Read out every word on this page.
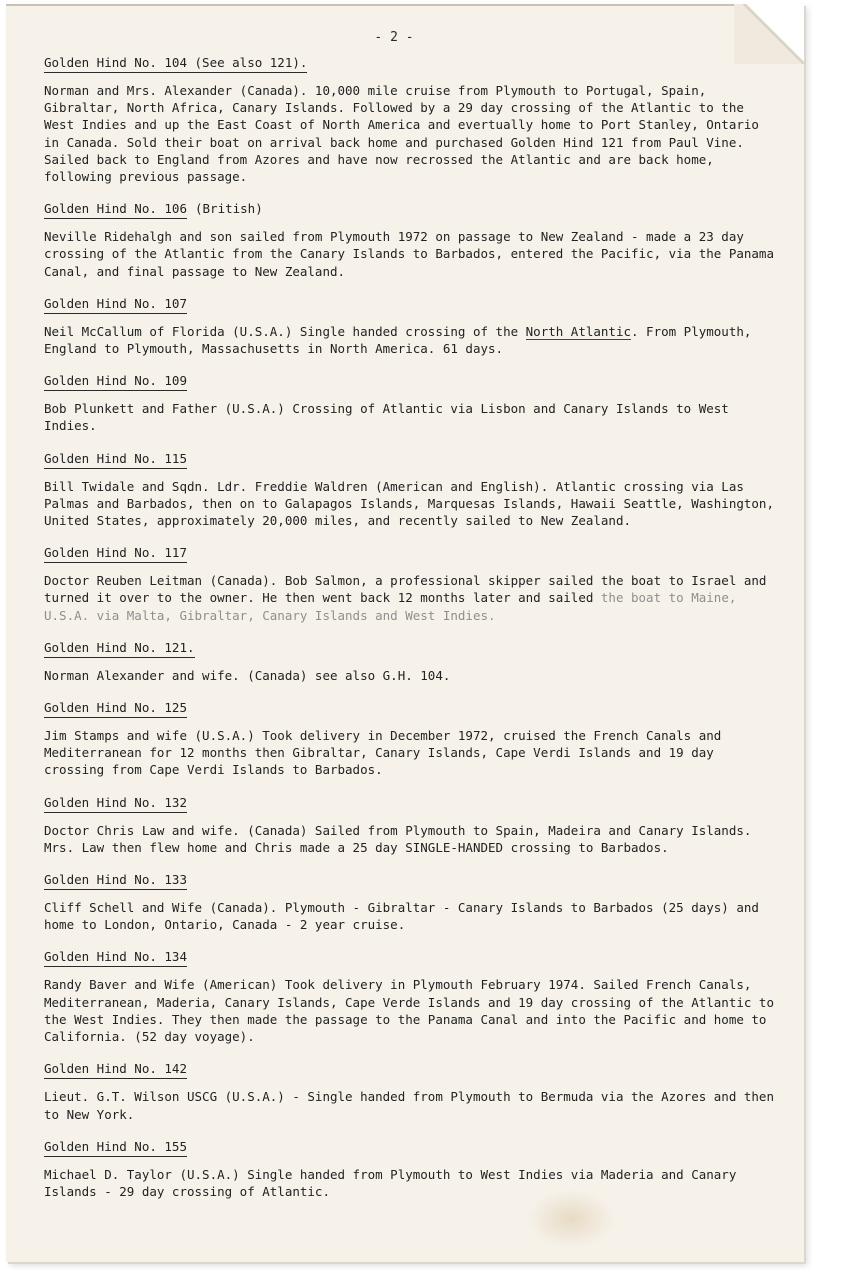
- 2 -
Golden Hind No. 104 (See also 121).

Norman and Mrs. Alexander (Canada). 10,000 mile cruise from Plymouth to Portugal, Spain, Gibraltar, North Africa, Canary Islands. Followed by a 29 day crossing of the Atlantic to the West Indies and up the East Coast of North America and evertually home to Port Stanley, Ontario in Canada. Sold their boat on arrival back home and purchased Golden Hind 121 from Paul Vine. Sailed back to England from Azores and have now recrossed the Atlantic and are back home, following previous passage.

Golden Hind No. 106 (British)

Neville Ridehalgh and son sailed from Plymouth 1972 on passage to New Zealand - made a 23 day crossing of the Atlantic from the Canary Islands to Barbados, entered the Pacific, via the Panama Canal, and final passage to New Zealand.

Golden Hind No. 107

Neil McCallum of Florida (U.S.A.) Single handed crossing of the North Atlantic. From Plymouth, England to Plymouth, Massachusetts in North America. 61 days.

Golden Hind No. 109

Bob Plunkett and Father (U.S.A.) Crossing of Atlantic via Lisbon and Canary Islands to West Indies.

Golden Hind No. 115

Bill Twidale and Sqdn. Ldr. Freddie Waldren (American and English). Atlantic crossing via Las Palmas and Barbados, then on to Galapagos Islands, Marquesas Islands, Hawaii Seattle, Washington, United States, approximately 20,000 miles, and recently sailed to New Zealand.

Golden Hind No. 117

Doctor Reuben Leitman (Canada). Bob Salmon, a professional skipper sailed the boat to Israel and turned it over to the owner. He then went back 12 months later and sailed the boat to Maine, U.S.A. via Malta, Gibraltar, Canary Islands and West Indies.

Golden Hind No. 121.

Norman Alexander and wife. (Canada) see also G.H. 104.

Golden Hind No. 125

Jim Stamps and wife (U.S.A.) Took delivery in December 1972, cruised the French Canals and Mediterranean for 12 months then Gibraltar, Canary Islands, Cape Verdi Islands and 19 day crossing from Cape Verdi Islands to Barbados.

Golden Hind No. 132

Doctor Chris Law and wife. (Canada) Sailed from Plymouth to Spain, Madeira and Canary Islands. Mrs. Law then flew home and Chris made a 25 day SINGLE-HANDED crossing to Barbados.

Golden Hind No. 133

Cliff Schell and Wife (Canada). Plymouth - Gibraltar - Canary Islands to Barbados (25 days) and home to London, Ontario, Canada - 2 year cruise.

Golden Hind No. 134

Randy Baver and Wife (American) Took delivery in Plymouth February 1974. Sailed French Canals, Mediterranean, Maderia, Canary Islands, Cape Verde Islands and 19 day crossing of the Atlantic to the West Indies. They then made the passage to the Panama Canal and into the Pacific and home to California. (52 day voyage).

Golden Hind No. 142

Lieut. G.T. Wilson USCG (U.S.A.) - Single handed from Plymouth to Bermuda via the Azores and then to New York.

Golden Hind No. 155

Michael D. Taylor (U.S.A.) Single handed from Plymouth to West Indies via Maderia and Canary Islands - 29 day crossing of Atlantic.
